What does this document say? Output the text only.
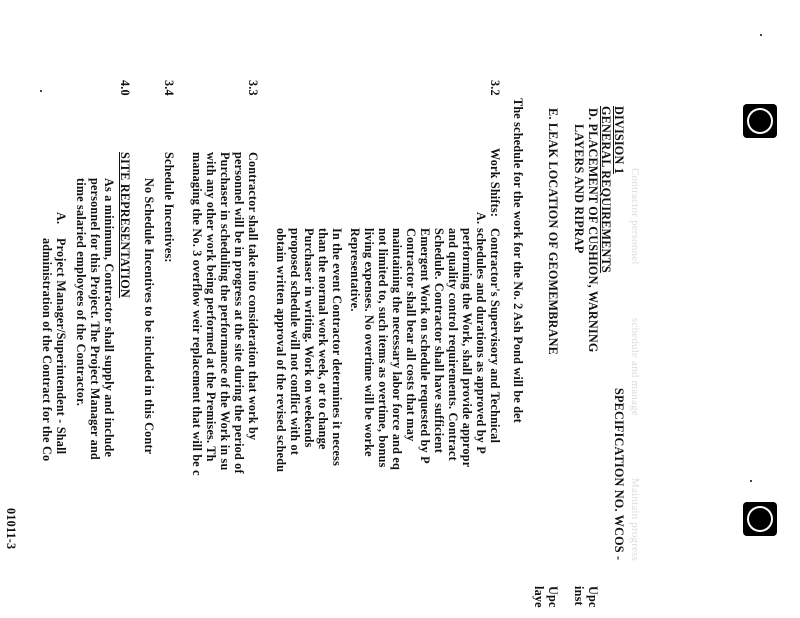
Contractor personnel
schedule and manage
Maintain progress
SPECIFICATION NO. WCOS -
DIVISION 1
GENERAL REQUIREMENTS
D. PLACEMENT OF CUSHION, WARNING
LAYERS AND RIPRAP
Upc
inst
E. LEAK LOCATION OF GEOMEMBRANE
Upc
laye
The schedule for the work for the No. 2 Ash Pond will be det
3.2
Work Shifts:
A.
Contractor's Supervisory and Technical
schedules and durations as approved by P
performing the Work, shall provide appropr
and quality control requirements. Contract
Schedule. Contractor shall have sufficient
Emergent Work on schedule requested by P
Contractor shall bear all costs that may
maintaining the necessary labor force and eq
not limited to, such items as overtime, bonus
living expenses. No overtime will be worke
Representative.
In the event Contractor determines it necess
than the normal work week, or to change
Purchaser in writing. Work on weekends
proposed schedule will not conflict with ot
obtain written approval of the revised schedu
3.3
Contractor shall take into consideration that work by
personnel will be in progress at the site during the period of
Purchaser in scheduling the performance of the Work in su
with any other work being performed at the Premises. Th
managing the No. 3 overflow weir replacement that will be c
3.4
Schedule Incentives:
No Schedule Incentives to be included in this Contr
4.0
SITE REPRESENTATION
As a minimum, Contractor shall supply and include
personnel for this Project. The Project Manager and
time salaried employees of the Contractor.
A.
Project Manager/Superintendent - Shall
administration of the Contract for the Co
01011-3
